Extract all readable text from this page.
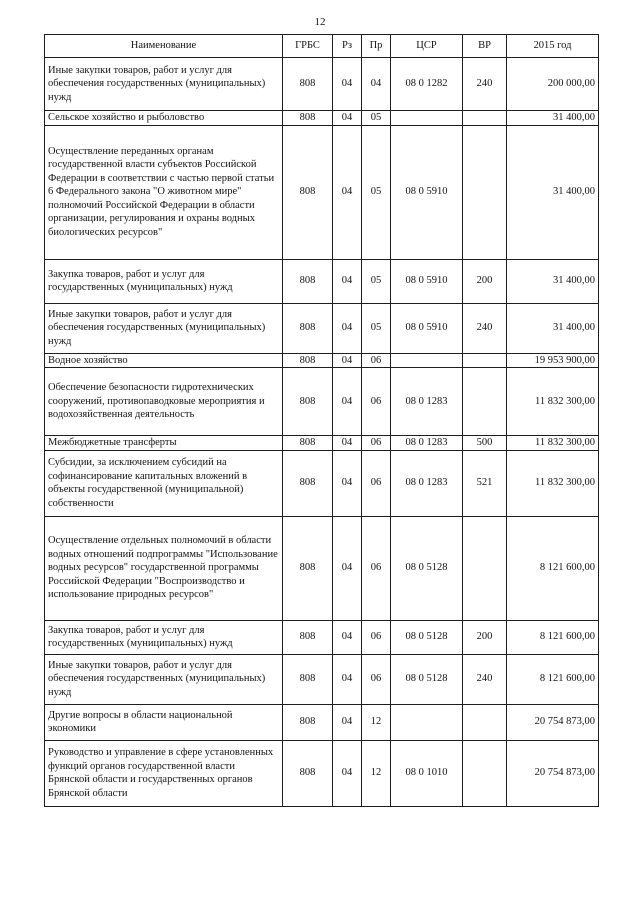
12
Наименование	ГРБС	Рз	Пр	ЦСР	ВР	2015 год
Иные закупки товаров, работ и услуг для обеспечения государственных (муниципальных) нужд	808	04	04	08 0 1282	240	200 000,00
Сельское хозяйство и рыболовство	808	04	05			31 400,00
Осуществление переданных органам государственной власти субъектов Российской Федерации в соответствии с частью первой статьи 6 Федерального закона "О животном мире" полномочий Российской Федерации в области организации, регулирования и охраны водных биологических ресурсов"	808	04	05	08 0 5910		31 400,00
Закупка товаров, работ и услуг для государственных (муниципальных) нужд	808	04	05	08 0 5910	200	31 400,00
Иные закупки товаров, работ и услуг для обеспечения государственных (муниципальных) нужд	808	04	05	08 0 5910	240	31 400,00
Водное хозяйство	808	04	06			19 953 900,00
Обеспечение безопасности гидротехнических сооружений, противопаводковые мероприятия и водохозяйственная деятельность	808	04	06	08 0 1283		11 832 300,00
Межбюджетные трансферты	808	04	06	08 0 1283	500	11 832 300,00
Субсидии, за исключением субсидий на софинансирование капитальных вложений в объекты государственной (муниципальной) собственности	808	04	06	08 0 1283	521	11 832 300,00
Осуществление отдельных полномочий в области водных отношений подпрограммы "Использование водных ресурсов" государственной программы Российской Федерации "Воспроизводство и использование природных ресурсов"	808	04	06	08 0 5128		8 121 600,00
Закупка товаров, работ и услуг для государственных (муниципальных) нужд	808	04	06	08 0 5128	200	8 121 600,00
Иные закупки товаров, работ и услуг для обеспечения государственных (муниципальных) нужд	808	04	06	08 0 5128	240	8 121 600,00
Другие вопросы в области национальной экономики	808	04	12			20 754 873,00
Руководство и управление в сфере установленных функций органов государственной власти Брянской области и государственных органов Брянской области	808	04	12	08 0 1010		20 754 873,00
